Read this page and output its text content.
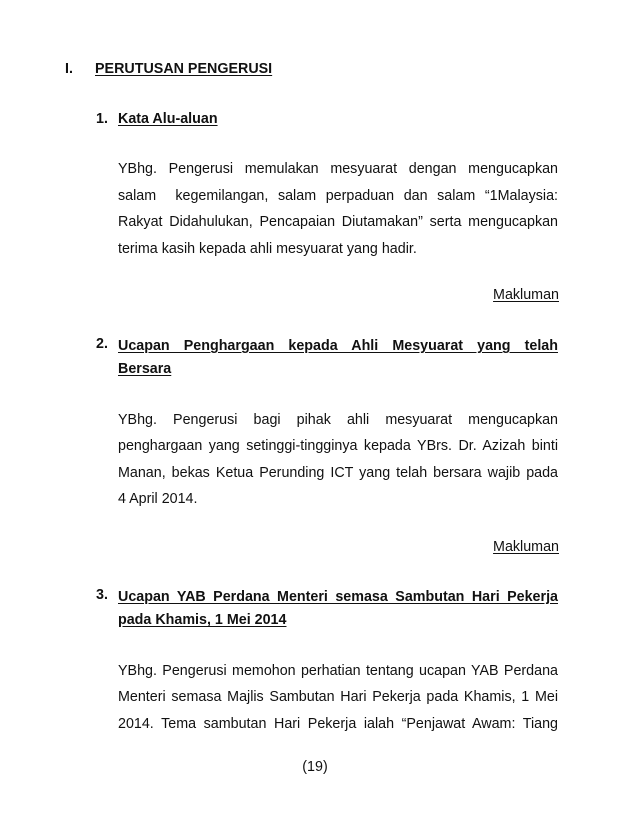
I. PERUTUSAN PENGERUSI
1. Kata Alu-aluan
YBhg. Pengerusi memulakan mesyuarat dengan mengucapkan
salam  kegemilangan, salam perpaduan dan salam “1Malaysia:
Rakyat Didahulukan, Pencapaian Diutamakan” serta mengucapkan
terima kasih kepada ahli mesyuarat yang hadir.
Makluman
2. Ucapan Penghargaan kepada Ahli Mesyuarat yang telah
Bersara
YBhg. Pengerusi bagi pihak ahli mesyuarat mengucapkan
penghargaan yang setinggi-tingginya kepada YBrs. Dr. Azizah binti
Manan, bekas Ketua Perunding ICT yang telah bersara wajib pada
4 April 2014.
Makluman
3. Ucapan YAB Perdana Menteri semasa Sambutan Hari Pekerja
pada Khamis, 1 Mei 2014
YBhg. Pengerusi memohon perhatian tentang ucapan YAB Perdana
Menteri semasa Majlis Sambutan Hari Pekerja pada Khamis, 1 Mei
2014. Tema sambutan Hari Pekerja ialah “Penjawat Awam: Tiang
(19)
